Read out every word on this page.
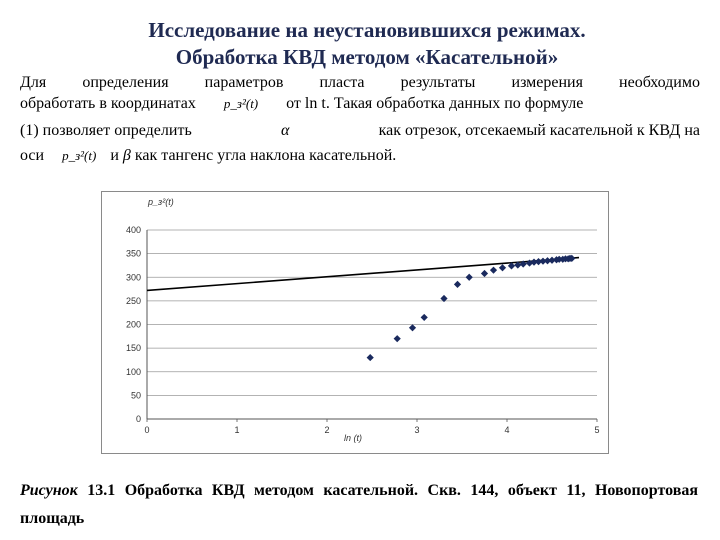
Исследование на неустановившихся режимах.
Обработка КВД методом «Касательной»
Для определения параметров пласта результаты измерения необходимо
обработать в координатах p_з²(t) от ln t. Такая обработка данных по формуле
(1) позволяет определить	α	как отрезок, отсекаемый касательной к КВД на
оси p_з²(t) и β как тангенс угла наклона касательной.
0
50
100
150
200
250
300
350
400
0	1	2	3	4	5
p_з²(t)
ln (t)
Рисунок 13.1 Обработка КВД методом касательной. Скв. 144, объект 11, Новопортовая площадь
